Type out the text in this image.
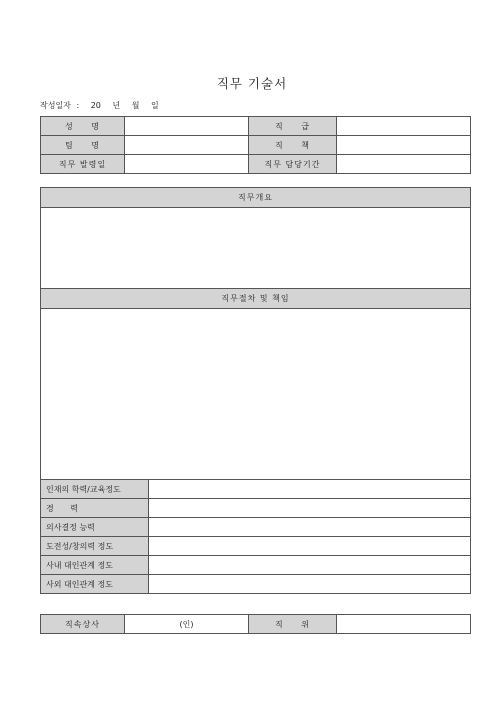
직무 기술서
작성일자 : 20 년 월 일
성 명		직 급	
팀 명		직 책	
직무 발령일		직무 담당기간	
직무개요	

직무절차 및 책임	

인재의 학력/교육정도	
경 력	
의사결정 능력	
도전성/창의력 정도	
사내 대인관계 정도	
사외 대인관계 정도	
직속상사	(인)	직 위	
